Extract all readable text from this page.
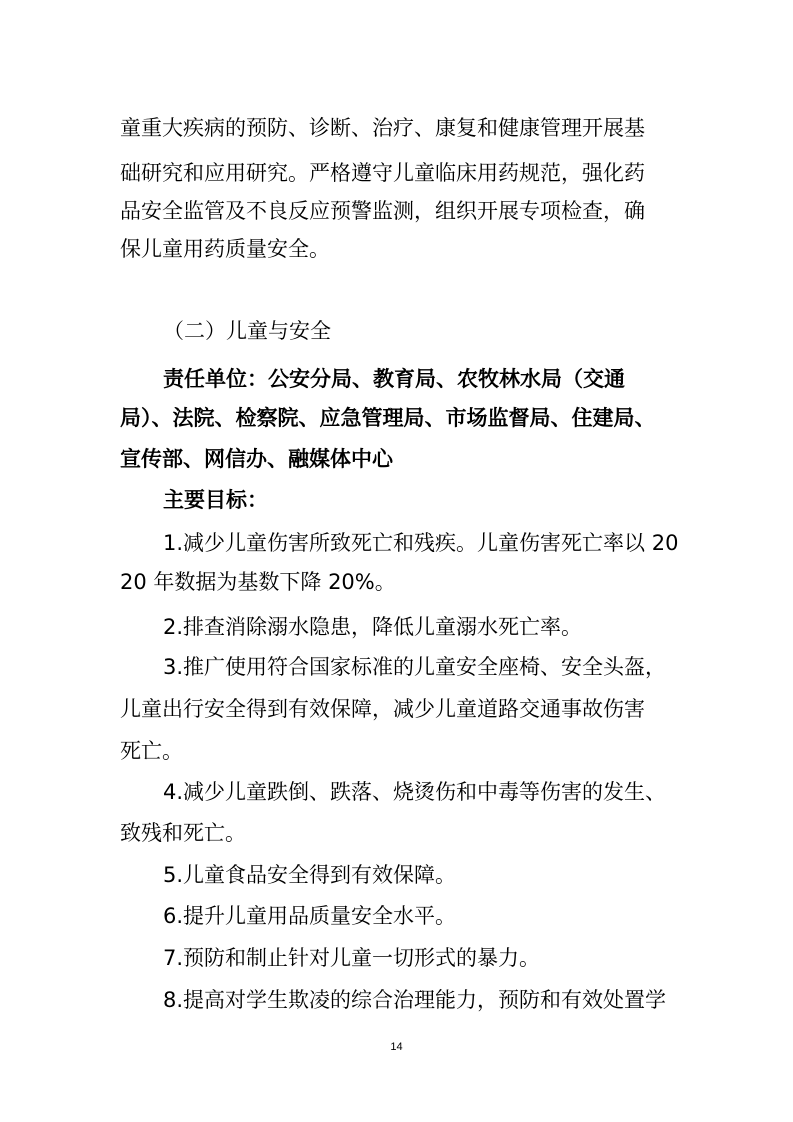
童重大疾病的预防、诊断、治疗、康复和健康管理开展基
础研究和应用研究。严格遵守儿童临床用药规范，强化药
品安全监管及不良反应预警监测，组织开展专项检查，确
保儿童用药质量安全。
（二）儿童与安全
责任单位：公安分局、教育局、农牧林水局（交通
局）、法院、检察院、应急管理局、市场监督局、住建局、
宣传部、网信办、融媒体中心
主要目标：
1.减少儿童伤害所致死亡和残疾。儿童伤害死亡率以 20
20 年数据为基数下降 20%。
2.排查消除溺水隐患，降低儿童溺水死亡率。
3.推广使用符合国家标准的儿童安全座椅、安全头盔，
儿童出行安全得到有效保障，减少儿童道路交通事故伤害
死亡。
4.减少儿童跌倒、跌落、烧烫伤和中毒等伤害的发生、
致残和死亡。
5.儿童食品安全得到有效保障。
6.提升儿童用品质量安全水平。
7.预防和制止针对儿童一切形式的暴力。
8.提高对学生欺凌的综合治理能力，预防和有效处置学
14
